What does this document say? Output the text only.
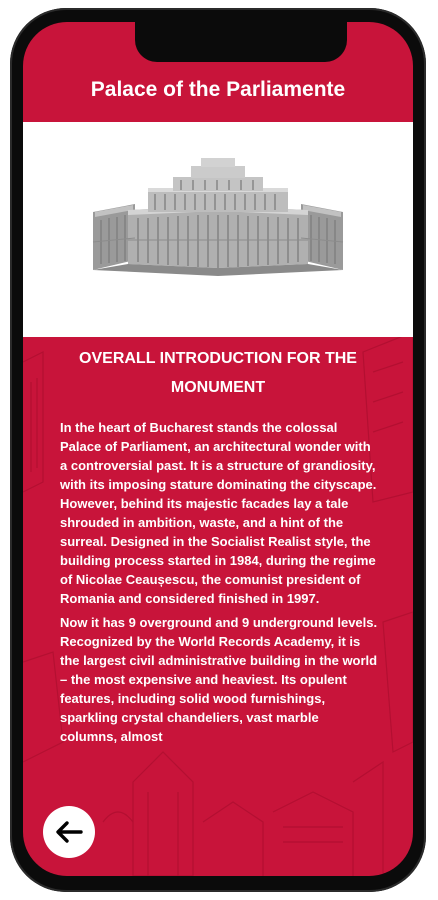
Palace of the Parliamente
OVERALL INTRODUCTION FOR THE MONUMENT

In the heart of Bucharest stands the colossal Palace of Parliament, an architectural wonder with a controversial past. It is a structure of grandiosity, with its imposing stature dominating the cityscape. However, behind its majestic facades lay a tale shrouded in ambition, waste, and a hint of the surreal. Designed in the Socialist Realist style, the building process started in 1984, during the regime of Nicolae Ceaușescu, the comunist president of Romania and considered finished in 1997.

Now it has 9 overground and 9 underground levels. Recognized by the World Records Academy, it is the largest civil administrative building in the world – the most expensive and heaviest. Its opulent features, including solid wood furnishings, sparkling crystal chandeliers, vast marble columns, almost
